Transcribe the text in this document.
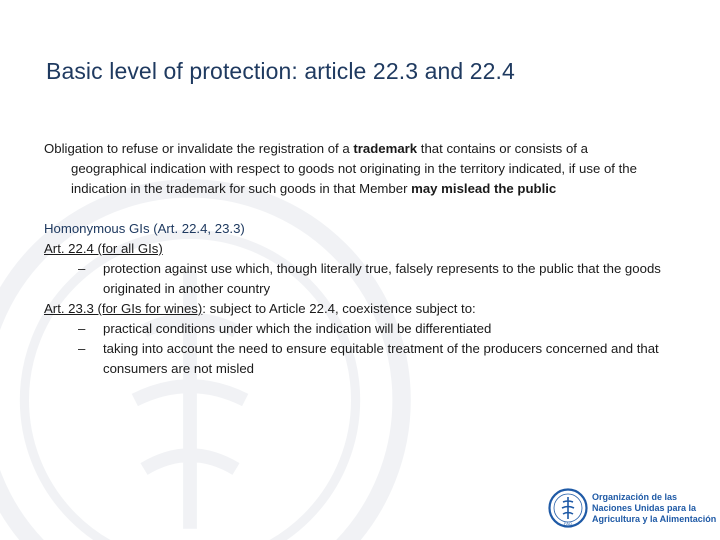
Basic level of protection: article 22.3 and 22.4

Obligation to refuse or invalidate the registration of a trademark that contains or consists of a geographical indication with respect to goods not originating in the territory indicated, if use of the indication in the trademark for such goods in that Member may mislead the public

Homonymous GIs (Art. 22.4, 23.3)

Art. 22.4 (for all GIs)

– protection against use which, though literally true, falsely represents to the public that the goods originated in another country

Art. 23.3 (for GIs for wines): subject to Article 22.4, coexistence subject to:

– practical conditions under which the indication will be differentiated
– taking into account the need to ensure equitable treatment of the producers concerned and that consumers are not misled
FAO
Organización de las
Naciones Unidas para la
Agricultura y la Alimentación
